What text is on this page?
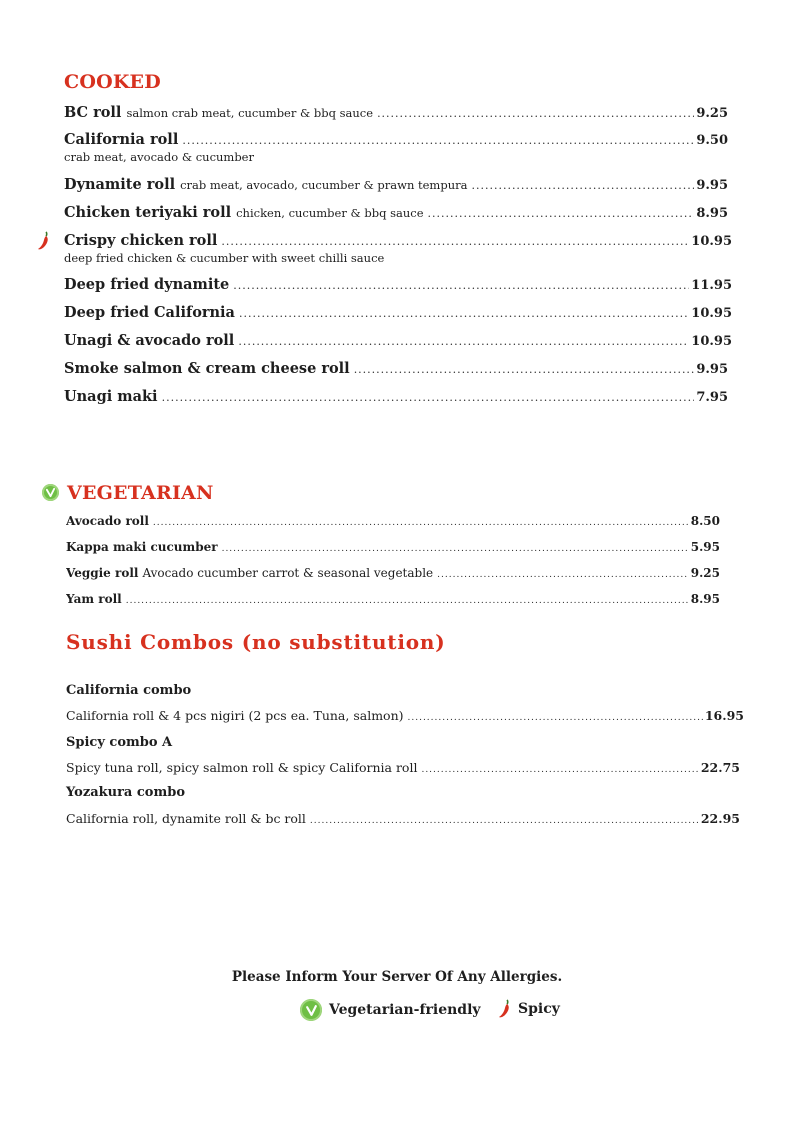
COOKED
BC roll salmon crab meat, cucumber & bbq sauce .....	9.25
California roll .....	9.50
crab meat, avocado & cucumber
Dynamite roll crab meat, avocado, cucumber & prawn tempura .....	9.95
Chicken teriyaki roll chicken, cucumber & bbq sauce .....	8.95
Crispy chicken roll .....	10.95
deep fried chicken & cucumber with sweet chilli sauce
Deep fried dynamite .....	11.95
Deep fried California .....	10.95
Unagi & avocado roll .....	10.95
Smoke salmon & cream cheese roll .....	9.95
Unagi maki .....	7.95
VEGETARIAN
Avocado roll .....	8.50
Kappa maki cucumber .....	5.95
Veggie roll Avocado cucumber carrot & seasonal vegetable .....	9.25
Yam roll .....	8.95
Sushi Combos (no substitution)
California combo
California roll & 4 pcs nigiri (2 pcs ea. Tuna, salmon) .....	16.95
Spicy combo A
Spicy tuna roll, spicy salmon roll & spicy California roll .....	22.75
Yozakura combo
California roll, dynamite roll & bc roll .....	22.95
Please Inform Your Server Of Any Allergies.
Vegetarian-friendly	Spicy
